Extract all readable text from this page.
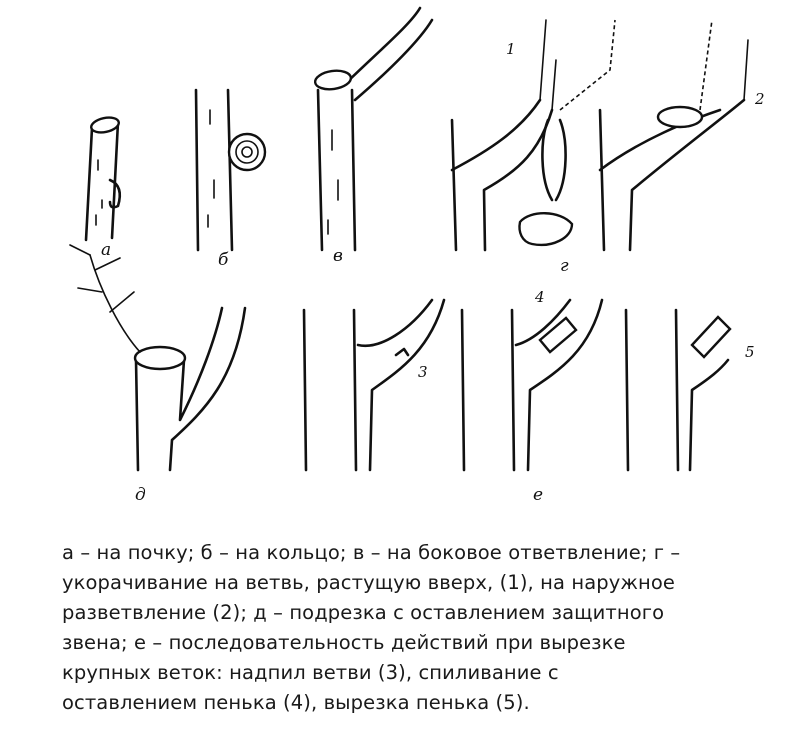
а	б	в	г
д	е
1
2
3
4
5
а – на почку; б – на кольцо; в – на боковое ответвление; г –
укорачивание на ветвь, растущую вверх, (1), на наружное
разветвление (2); д – подрезка с оставлением защитного
звена; е – последовательность действий при вырезке
крупных веток: надпил ветви (3), спиливание с
оставлением пенька (4), вырезка пенька (5).
